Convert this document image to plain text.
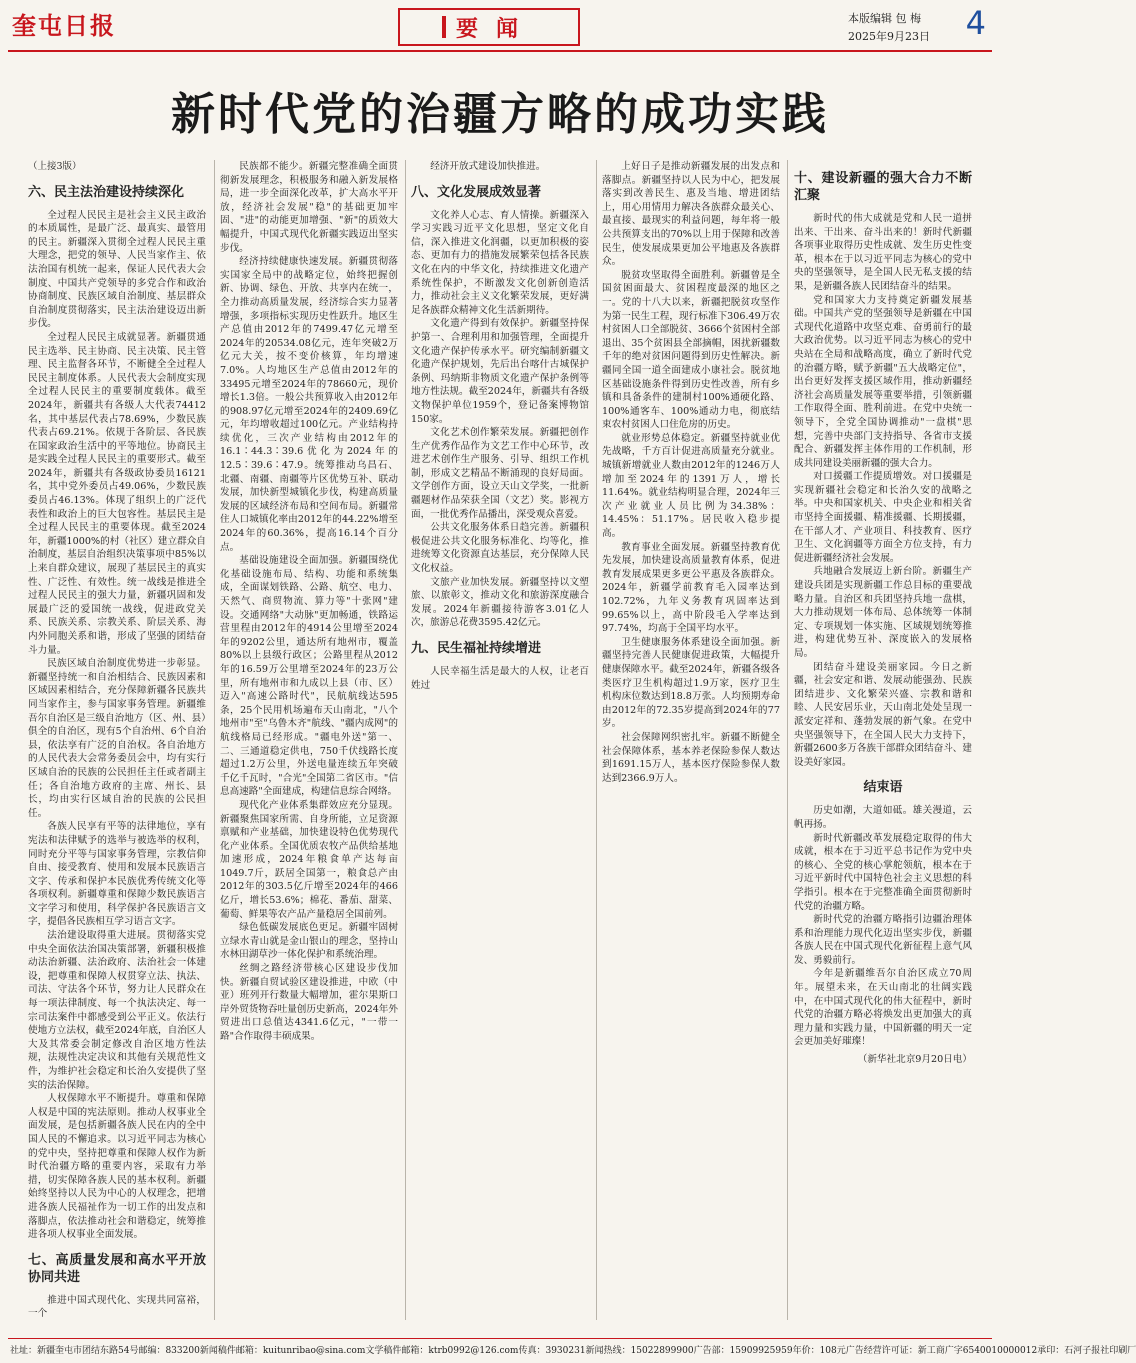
奎屯日报	要闻	本版编辑 包 梅
2025年9月23日 4
新时代党的治疆方略的成功实践
（上接3版）
六、民主法治建设持续深化

全过程人民民主是社会主义民主政治的本质属性，是最广泛、最真实、最管用的民主。新疆深入贯彻全过程人民民主重大理念，把党的领导、人民当家作主、依法治国有机统一起来，保证人民代表大会制度、中国共产党领导的多党合作和政治协商制度、民族区域自治制度、基层群众自治制度贯彻落实，民主法治建设迈出新步伐。

全过程人民民主成就显著。新疆贯通民主选举、民主协商、民主决策、民主管理、民主监督各环节，不断健全全过程人民民主制度体系。人民代表大会制度实现全过程人民民主的重要制度载体。截至2024年，新疆共有各级人大代表74412名，其中基层代表占78.69%，少数民族代表占69.21%。依规于各阶层、各民族在国家政治生活中的平等地位。协商民主是实践全过程人民民主的重要形式。截至2024年，新疆共有各级政协委员16121名，其中党外委员占49.06%，少数民族委员占46.13%。体现了组织上的广泛代表性和政治上的巨大包容性。基层民主是全过程人民民主的重要体现。截至2024年，新疆1000%的村（社区）建立群众自治制度，基层自治组织决策事项中85%以上来自群众建议，展现了基层民主的真实性、广泛性、有效性。统一战线是推进全过程人民民主的强大力量，新疆巩固和发展最广泛的爱国统一战线，促进政党关系、民族关系、宗教关系、阶层关系、海内外同胞关系和谐，形成了坚强的团结奋斗力量。

民族区域自治制度优势进一步彰显。新疆坚持统一和自治相结合、民族因素和区域因素相结合，充分保障新疆各民族共同当家作主，参与国家事务管理。新疆维吾尔自治区是三级自治地方（区、州、县）俱全的自治区，现有5个自治州、6个自治县，依法享有广泛的自治权。各自治地方的人民代表大会常务委员会中，均有实行区域自治的民族的公民担任主任或者副主任；各自治地方政府的主席、州长、县长，均由实行区域自治的民族的公民担任。

各族人民享有平等的法律地位，享有宪法和法律赋予的选举与被选举的权利，同时充分平等与国家事务管理，宗教信仰自由、接受教育、使用和发展本民族语言文字、传承和保护本民族优秀传统文化等各项权利。新疆尊重和保障少数民族语言文字学习和使用，科学保护各民族语言文字，提倡各民族相互学习语言文字。

法治建设取得重大进展。贯彻落实党中央全面依法治国决策部署，新疆积极推动法治新疆、法治政府、法治社会一体建设，把尊重和保障人权贯穿立法、执法、司法、守法各个环节，努力让人民群众在每一项法律制度、每一个执法决定、每一宗司法案件中都感受到公平正义。依法行使地方立法权，截至2024年底，自治区人大及其常委会制定修改自治区地方性法规，法规性决定决议和其他有关规范性文件，为维护社会稳定和长治久安提供了坚实的法治保障。

人权保障水平不断提升。尊重和保障人权是中国的宪法原则。推动人权事业全面发展，是包括新疆各族人民在内的全中国人民的不懈追求。以习近平同志为核心的党中央，坚持把尊重和保障人权作为新时代治疆方略的重要内容，采取有力举措，切实保障各族人民的基本权利。新疆始终坚持以人民为中心的人权理念，把增进各族人民福祉作为一切工作的出发点和落脚点，依法推动社会和谐稳定，统筹推进各项人权事业全面发展。

七、高质量发展和高水平开放协同共进

推进中国式现代化、实现共同富裕，一个

民族都不能少。新疆完整准确全面贯彻新发展理念，积极服务和融入新发展格局，进一步全面深化改革，扩大高水平开放，经济社会发展"稳"的基础更加牢固、"进"的动能更加增强、"新"的质效大幅提升，中国式现代化新疆实践迈出坚实步伐。

经济持续健康快速发展。新疆贯彻落实国家全局中的战略定位，始终把握创新、协调、绿色、开放、共享内在统一，全力推动高质量发展，经济综合实力显著增强，多项指标实现历史性跃升。地区生产总值由2012年的7499.47亿元增至2024年的20534.08亿元，连年突破2万亿元大关，按不变价核算，年均增速7.0%。人均地区生产总值由2012年的33495元增至2024年的78660元，现价增长1.3倍。一般公共预算收入由2012年的908.97亿元增至2024年的2409.69亿元，年均增收超过100亿元。产业结构持续优化，三次产业结构由2012年的16.1∶44.3∶39.6优化为2024年的12.5∶39.6∶47.9。统筹推动乌昌石、北疆、南疆、南疆等片区优势互补、联动发展，加快新型城镇化步伐，构建高质量发展的区域经济布局和空间布局。新疆常住人口城镇化率由2012年的44.22%增至2024年的60.36%，提高16.14个百分点。

基础设施建设全面加强。新疆围绕优化基础设施布局、结构、功能和系统集成，全面谋划铁路、公路、航空、电力、天然气、商贸物流、算力等"十张网"建设。交通网络"大动脉"更加畅通，铁路运营里程由2012年的4914公里增至2024年的9202公里，通达所有地州市，覆盖80%以上县级行政区；公路里程从2012年的16.59万公里增至2024年的23万公里，所有地州市和九成以上县（市、区）迈入"高速公路时代"，民航航线达595条，25个民用机场遍布天山南北，"八个地州市"至"乌鲁木齐"航线、"疆内成网"的航线格局已经形成。"疆电外送"第一、二、三通道稳定供电，750千伏线路长度超过1.2万公里，外送电量连续五年突破千亿千瓦时，"合光"全国第二省区市。"信息高速路"全面建成，构建信息综合网络。

现代化产业体系集群效应充分显现。新疆聚焦国家所需、自身所能，立足资源禀赋和产业基础，加快建设特色优势现代化产业体系。全国优质农牧产品供给基地加速形成，2024年粮食单产达每亩1049.7斤，跃居全国第一，粮食总产由2012年的303.5亿斤增至2024年的466亿斤，增长53.6%；棉花、番茄、甜菜、葡萄、鲜果等农产品产量稳居全国前列。

绿色低碳发展底色更足。新疆牢固树立绿水青山就是金山银山的理念，坚持山水林田湖草沙一体化保护和系统治理。

丝绸之路经济带核心区建设步伐加快。新疆自贸试验区建设推进，中欧（中亚）班列开行数量大幅增加，霍尔果斯口岸外贸货物吞吐量创历史新高，2024年外贸进出口总值达4341.6亿元，"一带一路"合作取得丰硕成果。

经济开放式建设加快推进。

八、文化发展成效显著

文化养人心志、育人情操。新疆深入学习实践习近平文化思想，坚定文化自信，深入推进文化润疆，以更加积极的姿态、更加有力的措施发展繁荣包括各民族文化在内的中华文化，持续推进文化遗产系统性保护，不断激发文化创新创造活力，推动社会主义文化繁荣发展，更好满足各族群众精神文化生活新期待。

文化遗产得到有效保护。新疆坚持保护第一、合理利用和加强管理，全面提升文化遗产保护传承水平。研究编制新疆文化遗产保护规划，先后出台喀什古城保护条例、玛纳斯非物质文化遗产保护条例等地方性法规。截至2024年，新疆共有各级文物保护单位1959个，登记备案博物馆150家。

文化艺术创作繁荣发展。新疆把创作生产优秀作品作为文艺工作中心环节，改进艺术创作生产服务、引导、组织工作机制，形成文艺精品不断涌现的良好局面。文学创作方面，设立天山文学奖，一批新疆题材作品荣获全国（文艺）奖。影视方面，一批优秀作品播出，深受观众喜爱。

公共文化服务体系日趋完善。新疆积极促进公共文化服务标准化、均等化，推进统筹文化资源直达基层，充分保障人民文化权益。

文旅产业加快发展。新疆坚持以文塑旅、以旅彰文，推动文化和旅游深度融合发展。2024年新疆接待游客3.01亿人次，旅游总花费3595.42亿元。

九、民生福祉持续增进

人民幸福生活是最大的人权，让老百姓过

上好日子是推动新疆发展的出发点和落脚点。新疆坚持以人民为中心，把发展落实到改善民生、惠及当地、增进团结上，用心用情用力解决各族群众最关心、最直接、最现实的利益问题，每年将一般公共预算支出的70%以上用于保障和改善民生，使发展成果更加公平地惠及各族群众。

脱贫攻坚取得全面胜利。新疆曾是全国贫困面最大、贫困程度最深的地区之一。党的十八大以来，新疆把脱贫攻坚作为第一民生工程，现行标准下306.49万农村贫困人口全部脱贫、3666个贫困村全部退出、35个贫困县全部摘帽，困扰新疆数千年的绝对贫困问题得到历史性解决。新疆同全国一道全面建成小康社会。脱贫地区基础设施条件得到历史性改善，所有乡镇和具备条件的建制村100%通硬化路、100%通客车、100%通动力电，彻底结束农村贫困人口住危房的历史。

就业形势总体稳定。新疆坚持就业优先战略，千方百计促进高质量充分就业。城镇新增就业人数由2012年的1246万人增加至2024年的1391万人，增长11.64%。就业结构明显合理，2024年三次产业就业人员比例为34.38%：14.45%：51.17%。居民收入稳步提高。

教育事业全面发展。新疆坚持教育优先发展，加快建设高质量教育体系，促进教育发展成果更多更公平惠及各族群众。2024年，新疆学前教育毛入园率达到102.72%，九年义务教育巩固率达到99.65%以上，高中阶段毛入学率达到97.74%，均高于全国平均水平。

卫生健康服务体系建设全面加强。新疆坚持完善人民健康促进政策，大幅提升健康保障水平。截至2024年，新疆各级各类医疗卫生机构超过1.9万家，医疗卫生机构床位数达到18.8万张。人均预期寿命由2012年的72.35岁提高到2024年的77岁。

社会保障网织密扎牢。新疆不断健全社会保障体系，基本养老保险参保人数达到1691.15万人，基本医疗保险参保人数达到2366.9万人。

十、建设新疆的强大合力不断汇聚

新时代的伟大成就是党和人民一道拼出来、干出来、奋斗出来的！新时代新疆各项事业取得历史性成就、发生历史性变革，根本在于以习近平同志为核心的党中央的坚强领导，是全国人民无私支援的结果，是新疆各族人民团结奋斗的结果。

党和国家大力支持奠定新疆发展基础。中国共产党的坚强领导是新疆在中国式现代化道路中攻坚克难、奋勇前行的最大政治优势。以习近平同志为核心的党中央站在全局和战略高度，确立了新时代党的治疆方略，赋予新疆"五大战略定位"，出台更好发挥支援区域作用，推动新疆经济社会高质量发展等重要举措，引领新疆工作取得全面、胜利前进。在党中央统一领导下，全党全国协调推动"一盘棋"思想，完善中央部门支持指导、各省市支援配合、新疆发挥主体作用的工作机制，形成共同建设美丽新疆的强大合力。

对口援疆工作提质增效。对口援疆是实现新疆社会稳定和长治久安的战略之举。中央和国家机关、中央企业和相关省市坚持全面援疆、精准援疆、长期援疆，在干部人才、产业项目、科技教育、医疗卫生、文化润疆等方面全方位支持，有力促进新疆经济社会发展。

兵地融合发展迈上新台阶。新疆生产建设兵团是实现新疆工作总目标的重要战略力量。自治区和兵团坚持兵地一盘棋，大力推动规划一体布局、总体统筹一体制定、专项规划一体实施、区域规划统筹推进，构建优势互补、深度嵌入的发展格局。

团结奋斗建设美丽家园。今日之新疆，社会安定和谐、发展动能强劲、民族团结进步、文化繁荣兴盛、宗教和谐和睦、人民安居乐业，天山南北处处呈现一派安定祥和、蓬勃发展的新气象。在党中央坚强领导下，在全国人民大力支持下，新疆2600多万各族干部群众团结奋斗、建设美好家园。

结束语

历史如潮，大道如砥。雄关漫道，云帆再扬。

新时代新疆改革发展稳定取得的伟大成就，根本在于习近平总书记作为党中央的核心、全党的核心掌舵领航，根本在于习近平新时代中国特色社会主义思想的科学指引。根本在于完整准确全面贯彻新时代党的治疆方略。

新时代党的治疆方略指引边疆治理体系和治理能力现代化迈出坚实步伐，新疆各族人民在中国式现代化新征程上意气风发、勇毅前行。

今年是新疆维吾尔自治区成立70周年。展望未来，在天山南北的壮阔实践中，在中国式现代化的伟大征程中，新时代党的治疆方略必将焕发出更加强大的真理力量和实践力量，中国新疆的明天一定会更加美好璀璨！

（新华社北京9月20日电）
社址：新疆奎屯市团结东路54号 邮编：833200 新闻稿件邮箱：kuitunribao@sina.com 文学稿件邮箱：ktrb0992@126.com 传真：3930231 新闻热线：15022899900 广告部：15909925959 年价：108元 广告经营许可证：新工商广字6540010000012 承印：石河子报社印刷厂
